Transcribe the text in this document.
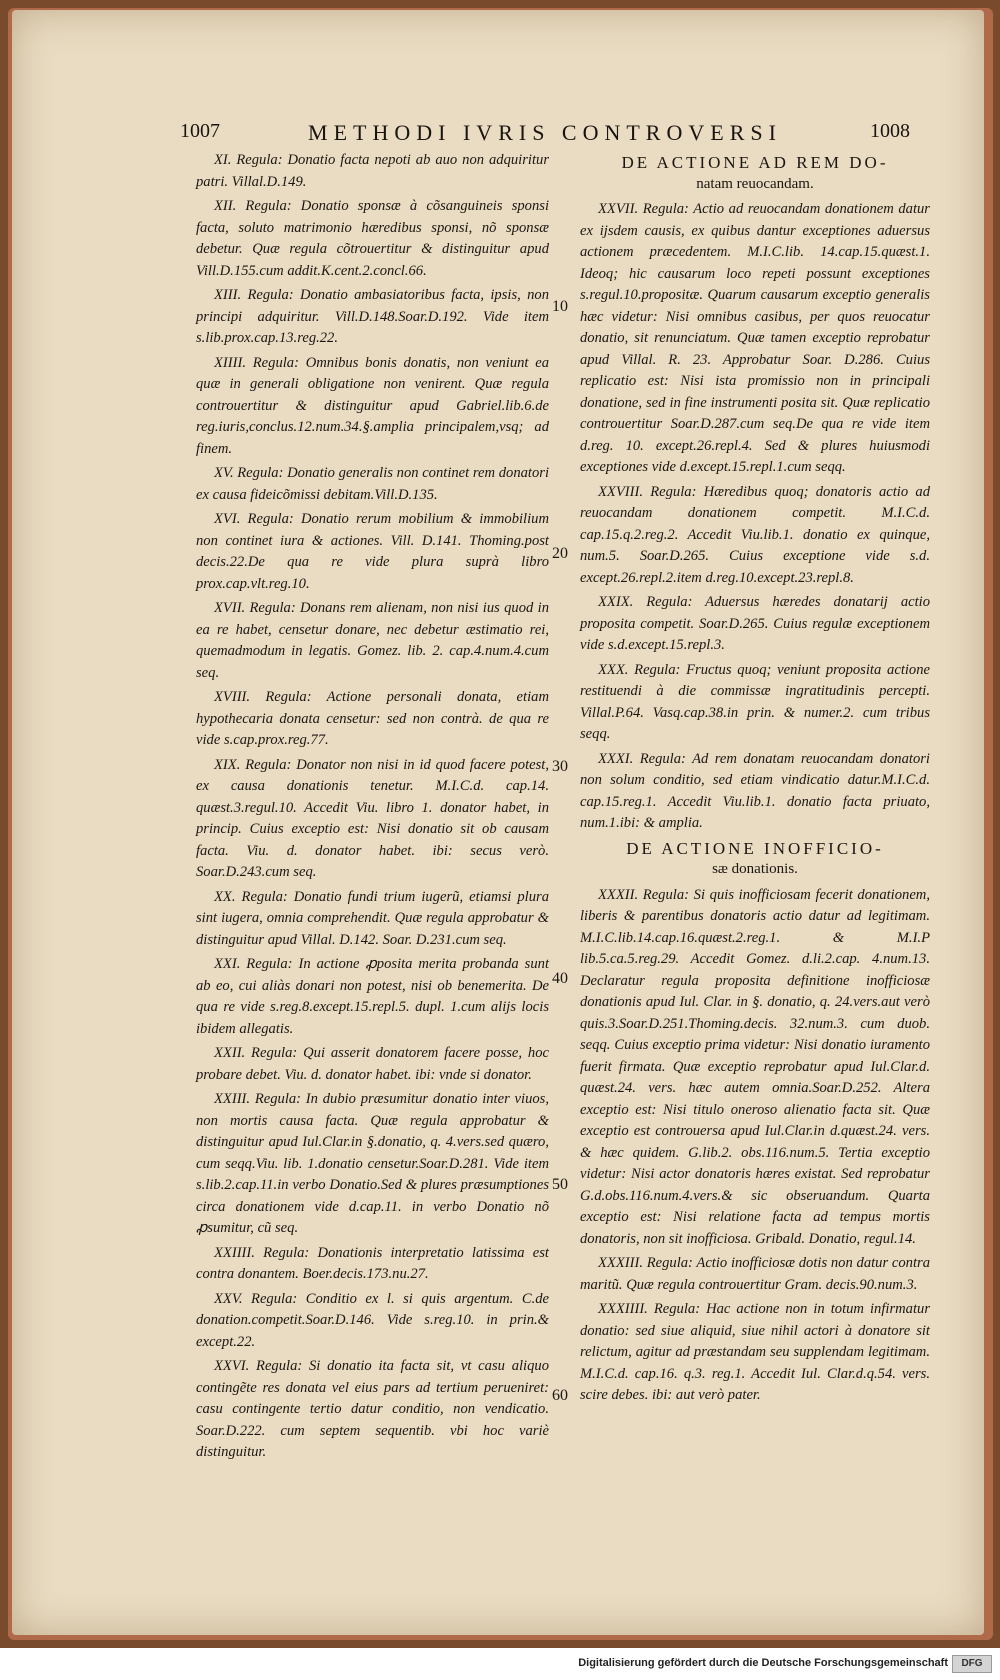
1007	METHODI IVRIS CONTROVERSI	1008

XI. Regula: Donatio facta nepoti ab auo non adquiritur patri. Villal.D.149.

XII. Regula: Donatio sponsæ à cõsanguineis sponsi facta, soluto matrimonio hæredibus sponsi, nõ sponsæ debetur. Quæ regula cõtrouertitur & distinguitur apud Vill.D.155.cum addit.K.cent.2.concl.66.

XIII. Regula: Donatio ambasiatoribus facta, ipsis, non principi adquiritur. Vill.D.148.Soar.D.192. Vide item s.lib.prox.cap.13.reg.22.

XIIII. Regula: Omnibus bonis donatis, non veniunt ea quæ in generali obligatione non venirent. Quæ regula controuertitur & distinguitur apud Gabriel.lib.6.de reg.iuris,conclus.12.num.34.§.amplia principalem,vsq; ad finem.

XV. Regula: Donatio generalis non continet rem donatori ex causa fideicõmissi debitam.Vill.D.135.

XVI. Regula: Donatio rerum mobilium & immobilium non continet iura & actiones. Vill. D.141. Thoming.post decis.22.De qua re vide plura suprà libro prox.cap.vlt.reg.10.

XVII. Regula: Donans rem alienam, non nisi ius quod in ea re habet, censetur donare, nec debetur æstimatio rei, quemadmodum in legatis. Gomez. lib. 2. cap.4.num.4.cum seq.

XVIII. Regula: Actione personali donata, etiam hypothecaria donata censetur: sed non contrà. de qua re vide s.cap.prox.reg.77.

XIX. Regula: Donator non nisi in id quod facere potest, ex causa donationis tenetur. M.I.C.d. cap.14. quæst.3.regul.10. Accedit Viu. libro 1. donator habet, in princip. Cuius exceptio est: Nisi donatio sit ob causam facta. Viu. d. donator habet. ibi: secus verò. Soar.D.243.cum seq.

XX. Regula: Donatio fundi trium iugerũ, etiamsi plura sint iugera, omnia comprehendit. Quæ regula approbatur & distinguitur apud Villal. D.142. Soar. D.231.cum seq.

XXI. Regula: In actione ꝓposita merita probanda sunt ab eo, cui aliàs donari non potest, nisi ob benemerita. De qua re vide s.reg.8.except.15.repl.5. dupl. 1.cum alijs locis ibidem allegatis.

XXII. Regula: Qui asserit donatorem facere posse, hoc probare debet. Viu. d. donator habet. ibi: vnde si donator.

XXIII. Regula: In dubio præsumitur donatio inter viuos, non mortis causa facta. Quæ regula approbatur & distinguitur apud Iul.Clar.in §.donatio, q. 4.vers.sed quæro, cum seqq.Viu. lib. 1.donatio censetur.Soar.D.281. Vide item s.lib.2.cap.11.in verbo Donatio.Sed & plures præsumptiones circa donationem vide d.cap.11. in verbo Donatio nõ ꝓsumitur, cũ seq.

XXIIII. Regula: Donationis interpretatio latissima est contra donantem. Boer.decis.173.nu.27.

XXV. Regula: Conditio ex l. si quis argentum. C.de donation.competit.Soar.D.146. Vide s.reg.10. in prin.& except.22.

XXVI. Regula: Si donatio ita facta sit, vt casu aliquo contingẽte res donata vel eius pars ad tertium perueniret: casu contingente tertio datur conditio, non vendicatio. Soar.D.222. cum septem sequentib. vbi hoc variè distinguitur.

DE ACTIONE AD REM DO-
natam reuocandam.

XXVII. Regula: Actio ad reuocandam donationem datur ex ijsdem causis, ex quibus dantur exceptiones aduersus actionem præcedentem. M.I.C.lib. 14.cap.15.quæst.1. Ideoq; hic causarum loco repeti possunt exceptiones s.regul.10.propositæ. Quarum causarum exceptio generalis hæc videtur: Nisi omnibus casibus, per quos reuocatur donatio, sit renunciatum. Quæ tamen exceptio reprobatur apud Villal. R. 23. Approbatur Soar. D.286. Cuius replicatio est: Nisi ista promissio non in principali donatione, sed in fine instrumenti posita sit. Quæ replicatio controuertitur Soar.D.287.cum seq.De qua re vide item d.reg. 10. except.26.repl.4. Sed & plures huiusmodi exceptiones vide d.except.15.repl.1.cum seqq.

XXVIII. Regula: Hæredibus quoq; donatoris actio ad reuocandam donationem competit. M.I.C.d. cap.15.q.2.reg.2. Accedit Viu.lib.1. donatio ex quinque, num.5. Soar.D.265. Cuius exceptione vide s.d. except.26.repl.2.item d.reg.10.except.23.repl.8.

XXIX. Regula: Aduersus hæredes donatarij actio proposita competit. Soar.D.265. Cuius regulæ exceptionem vide s.d.except.15.repl.3.

XXX. Regula: Fructus quoq; veniunt proposita actione restituendi à die commissæ ingratitudinis percepti. Villal.P.64. Vasq.cap.38.in prin. & numer.2. cum tribus seqq.

XXXI. Regula: Ad rem donatam reuocandam donatori non solum conditio, sed etiam vindicatio datur.M.I.C.d. cap.15.reg.1. Accedit Viu.lib.1. donatio facta priuato, num.1.ibi: & amplia.

DE ACTIONE INOFFICIO-
sæ donationis.

XXXII. Regula: Si quis inofficiosam fecerit donationem, liberis & parentibus donatoris actio datur ad legitimam. M.I.C.lib.14.cap.16.quæst.2.reg.1. & M.I.P lib.5.ca.5.reg.29. Accedit Gomez. d.li.2.cap. 4.num.13. Declaratur regula proposita definitione inofficiosæ donationis apud Iul. Clar. in §. donatio, q. 24.vers.aut verò quis.3.Soar.D.251.Thoming.decis. 32.num.3. cum duob. seqq. Cuius exceptio prima videtur: Nisi donatio iuramento fuerit firmata. Quæ exceptio reprobatur apud Iul.Clar.d. quæst.24. vers. hæc autem omnia.Soar.D.252. Altera exceptio est: Nisi titulo oneroso alienatio facta sit. Quæ exceptio est controuersa apud Iul.Clar.in d.quæst.24. vers. & hæc quidem. G.lib.2. obs.116.num.5. Tertia exceptio videtur: Nisi actor donatoris hæres existat. Sed reprobatur G.d.obs.116.num.4.vers.& sic obseruandum. Quarta exceptio est: Nisi relatione facta ad tempus mortis donatoris, non sit inofficiosa. Gribald. Donatio, regul.14.

XXXIII. Regula: Actio inofficiosæ dotis non datur contra maritũ. Quæ regula controuertitur Gram. decis.90.num.3.

XXXIIII. Regula: Hac actione non in totum infirmatur donatio: sed siue aliquid, siue nihil actori à donatore sit relictum, agitur ad præstandam seu supplendam legitimam. M.I.C.d. cap.16. q.3. reg.1. Accedit Iul. Clar.d.q.54. vers. scire debes. ibi: aut verò pater.

10
20
30
40
50
60
Digitalisierung gefördert durch die Deutsche Forschungsgemeinschaft	DFG
